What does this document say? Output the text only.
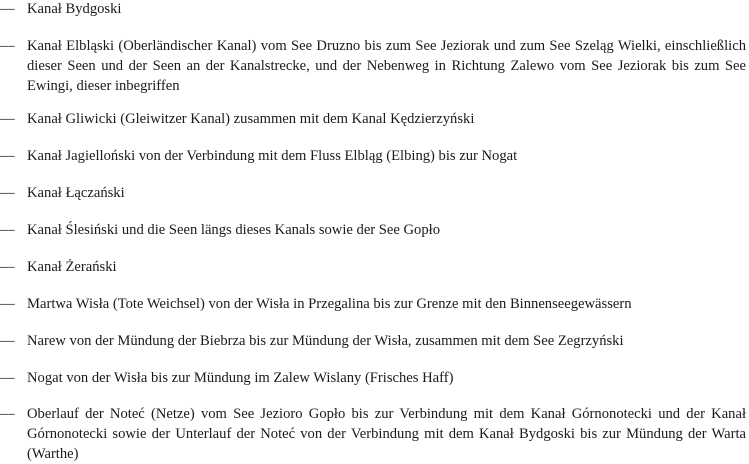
— Kanał Bydgoski
— Kanał Elbląski (Oberländischer Kanal) vom See Druzno bis zum See Jeziorak und zum See Szeląg Wielki, einschließlich dieser Seen und der Seen an der Kanalstrecke, und der Nebenweg in Richtung Zalewo vom See Jeziorak bis zum See Ewingi, dieser inbegriffen
— Kanał Gliwicki (Gleiwitzer Kanal) zusammen mit dem Kanal Kędzierzyński
— Kanał Jagielloński von der Verbindung mit dem Fluss Elbląg (Elbing) bis zur Nogat
— Kanał Łączański
— Kanał Ślesiński und die Seen längs dieses Kanals sowie der See Gopło
— Kanał Żerański
— Martwa Wisła (Tote Weichsel) von der Wisła in Przegalina bis zur Grenze mit den Binnenseegewässern
— Narew von der Mündung der Biebrza bis zur Mündung der Wisła, zusammen mit dem See Zegrzyński
— Nogat von der Wisła bis zur Mündung im Zalew Wislany (Frisches Haff)
— Oberlauf der Noteć (Netze) vom See Jezioro Gopło bis zur Verbindung mit dem Kanał Górnonotecki und der Kanał Górnonotecki sowie der Unterlauf der Noteć von der Verbindung mit dem Kanał Bydgoski bis zur Mündung der Warta (Warthe)
